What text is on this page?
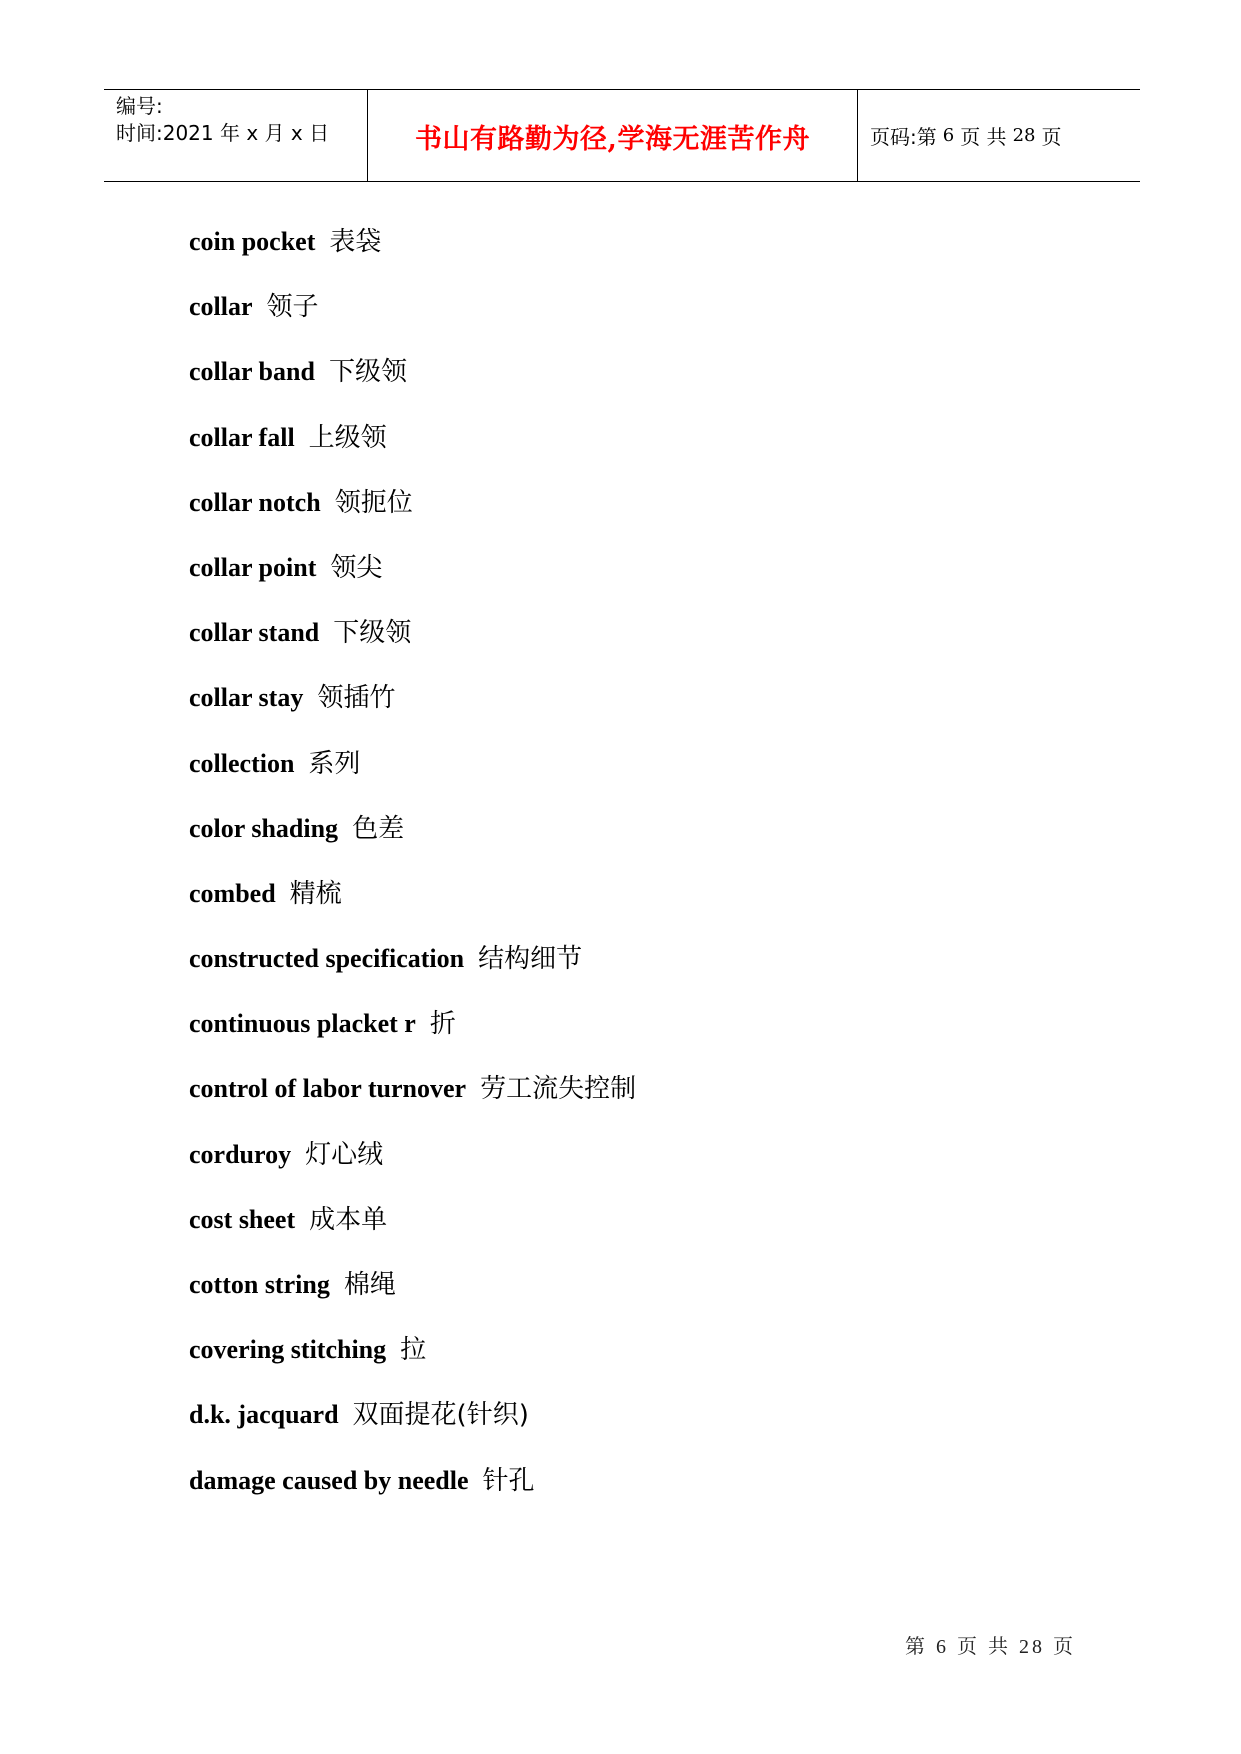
编号:
时间:2021 年 x 月 x 日	书山有路勤为径,学海无涯苦作舟	页码:第 6 页 共 28 页
coin pocket 表袋
collar 领子
collar band 下级领
collar fall 上级领
collar notch 领扼位
collar point 领尖
collar stand 下级领
collar stay 领插竹
collection 系列
color shading 色差
combed 精梳
constructed specification 结构细节
continuous placket r 折
control of labor turnover 劳工流失控制
corduroy 灯心绒
cost sheet 成本单
cotton string 棉绳
covering stitching 拉
d.k. jacquard 双面提花(针织)
damage caused by needle 针孔
第 6 页 共 28 页
